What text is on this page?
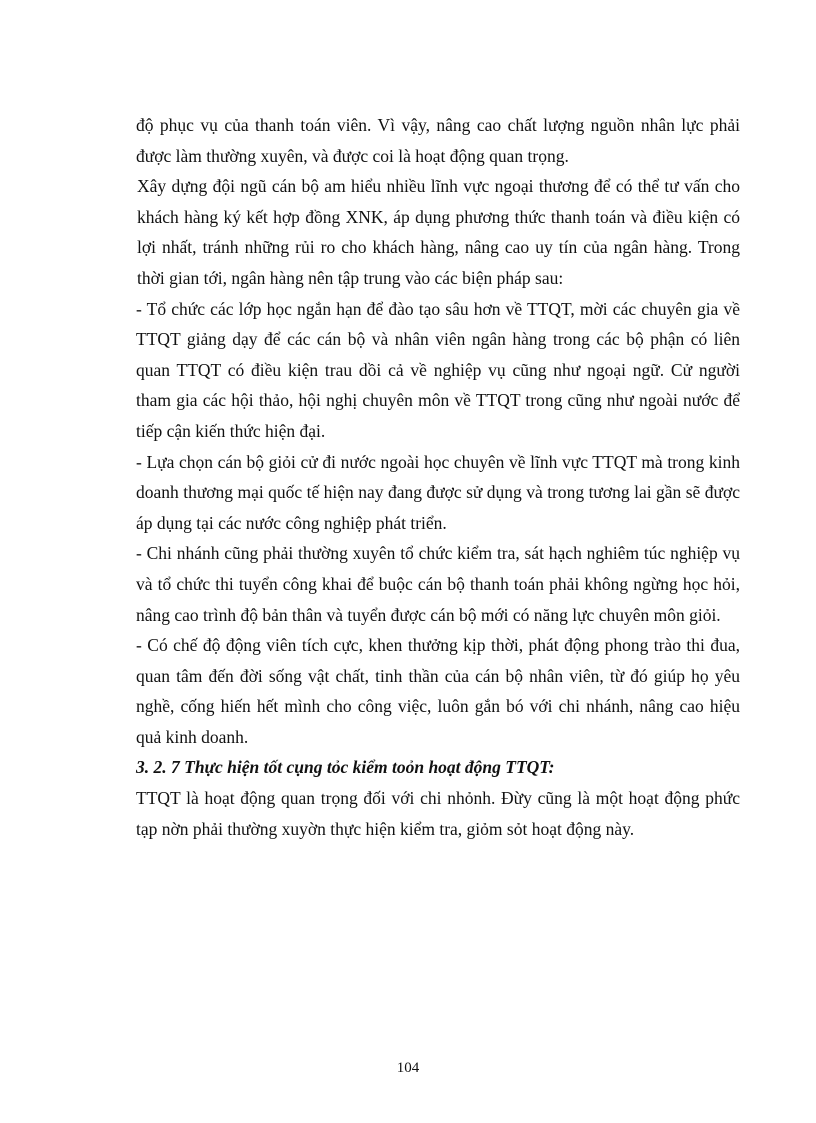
độ phục vụ của thanh toán viên. Vì vậy, nâng cao chất lượng nguồn nhân lực phải được làm thường xuyên, và được coi là hoạt động quan trọng.

Xây dựng đội ngũ cán bộ am hiểu nhiều lĩnh vực ngoại thương để có thể tư vấn cho khách hàng ký kết hợp đồng XNK, áp dụng phương thức thanh toán và điều kiện có lợi nhất, tránh những rủi ro cho khách hàng, nâng cao uy tín của ngân hàng. Trong thời gian tới, ngân hàng nên tập trung vào các biện pháp sau:

- Tổ chức các lớp học ngắn hạn để đào tạo sâu hơn về TTQT, mời các chuyên gia về TTQT giảng dạy để các cán bộ và nhân viên ngân hàng trong các bộ phận có liên quan TTQT có điều kiện trau dồi cả về nghiệp vụ cũng như ngoại ngữ. Cử người tham gia các hội thảo, hội nghị chuyên môn về TTQT trong cũng như ngoài nước để tiếp cận kiến thức hiện đại.

- Lựa chọn cán bộ giỏi cử đi nước ngoài học chuyên về lĩnh vực TTQT mà trong kinh doanh thương mại quốc tế hiện nay đang được sử dụng và trong tương lai gần sẽ được áp dụng tại các nước công nghiệp phát triển.

- Chi nhánh cũng phải thường xuyên tổ chức kiểm tra, sát hạch nghiêm túc nghiệp vụ và tổ chức thi tuyển công khai để buộc cán bộ thanh toán phải không ngừng học hỏi, nâng cao trình độ bản thân và tuyển được cán bộ mới có năng lực chuyên môn giỏi.

- Có chế độ động viên tích cực, khen thưởng kịp thời, phát động phong trào thi đua, quan tâm đến đời sống vật chất, tinh thần của cán bộ nhân viên, từ đó giúp họ yêu nghề, cống hiến hết mình cho công việc, luôn gắn bó với chi nhánh, nâng cao hiệu quả kinh doanh.

3. 2. 7 Thực hiện tốt cụng tỏc kiểm toỏn hoạt động TTQT:

TTQT là hoạt động quan trọng đối với chi nhỏnh. Đừy cũng là một hoạt động phức tạp nờn phải thường xuyờn thực hiện kiểm tra, giỏm sỏt hoạt động này.

104
